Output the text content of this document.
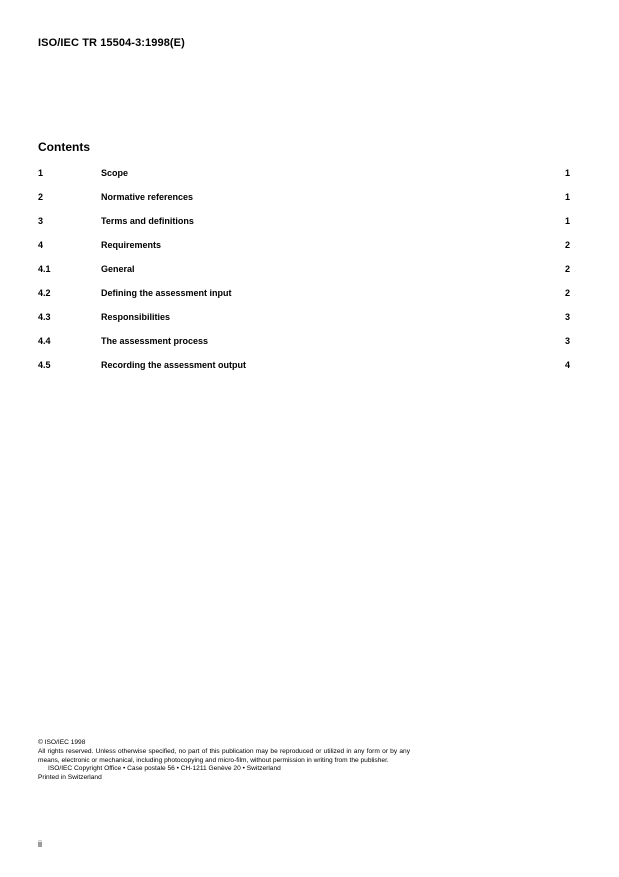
ISO/IEC TR 15504-3:1998(E)
Contents
1	Scope	1
2	Normative references	1
3	Terms and definitions	1
4	Requirements	2
4.1	General	2
4.2	Defining the assessment input	2
4.3	Responsibilities	3
4.4	The assessment process	3
4.5	Recording the assessment output	4

© ISO/IEC 1998

All rights reserved. Unless otherwise specified, no part of this publication may be reproduced or utilized in any form or by any means, electronic or mechanical, including photocopying and micro-film, without permission in writing from the publisher.

ISO/IEC Copyright Office • Case postale 56 • CH-1211 Genève 20 • Switzerland

Printed in Switzerland

ii
